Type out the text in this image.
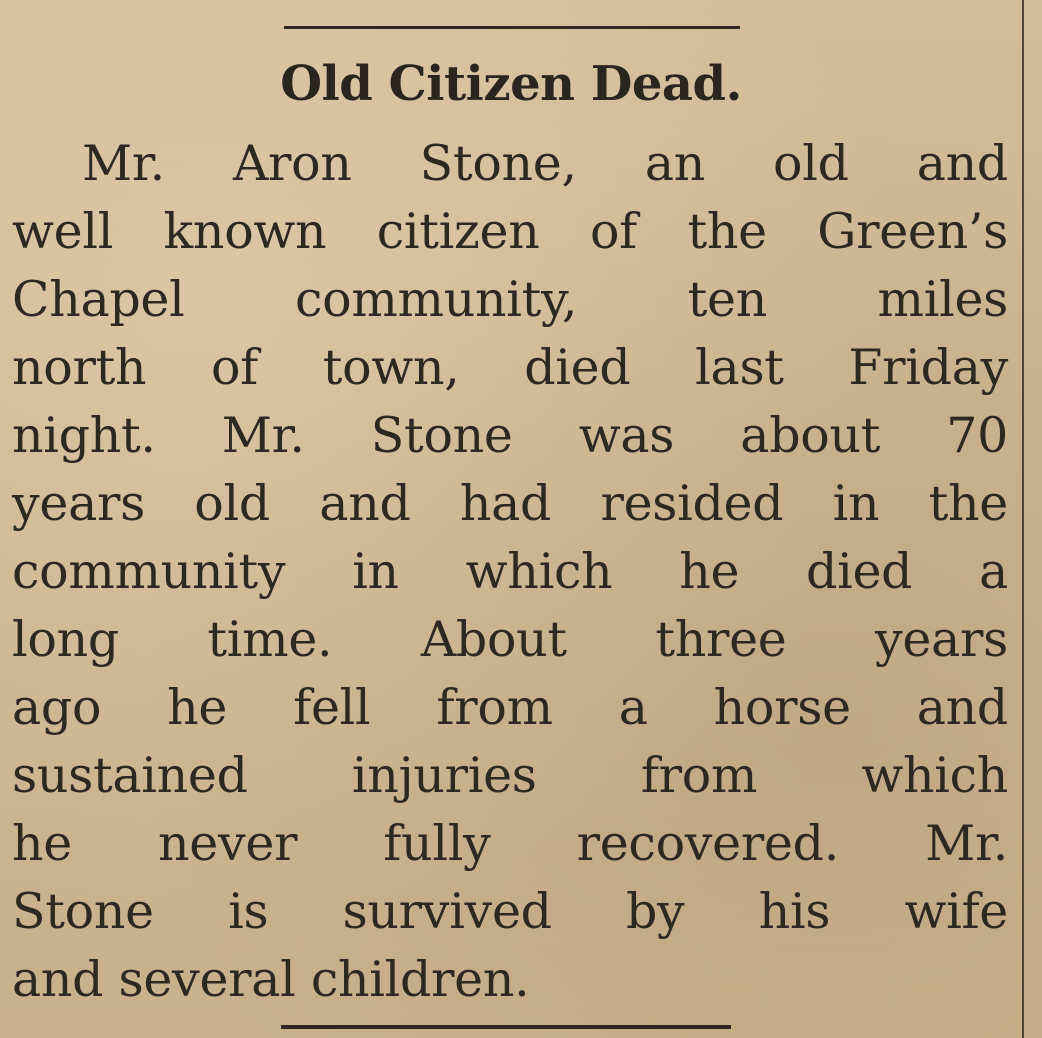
Old Citizen Dead.
Mr. Aron Stone, an old and
well known citizen of the Green’s
Chapel community, ten miles
north of town, died last Friday
night. Mr. Stone was about 70
years old and had resided in the
community in which he died a
long time. About three years
ago he fell from a horse and
sustained injuries from which
he never fully recovered. Mr.
Stone is survived by his wife
and several children.
